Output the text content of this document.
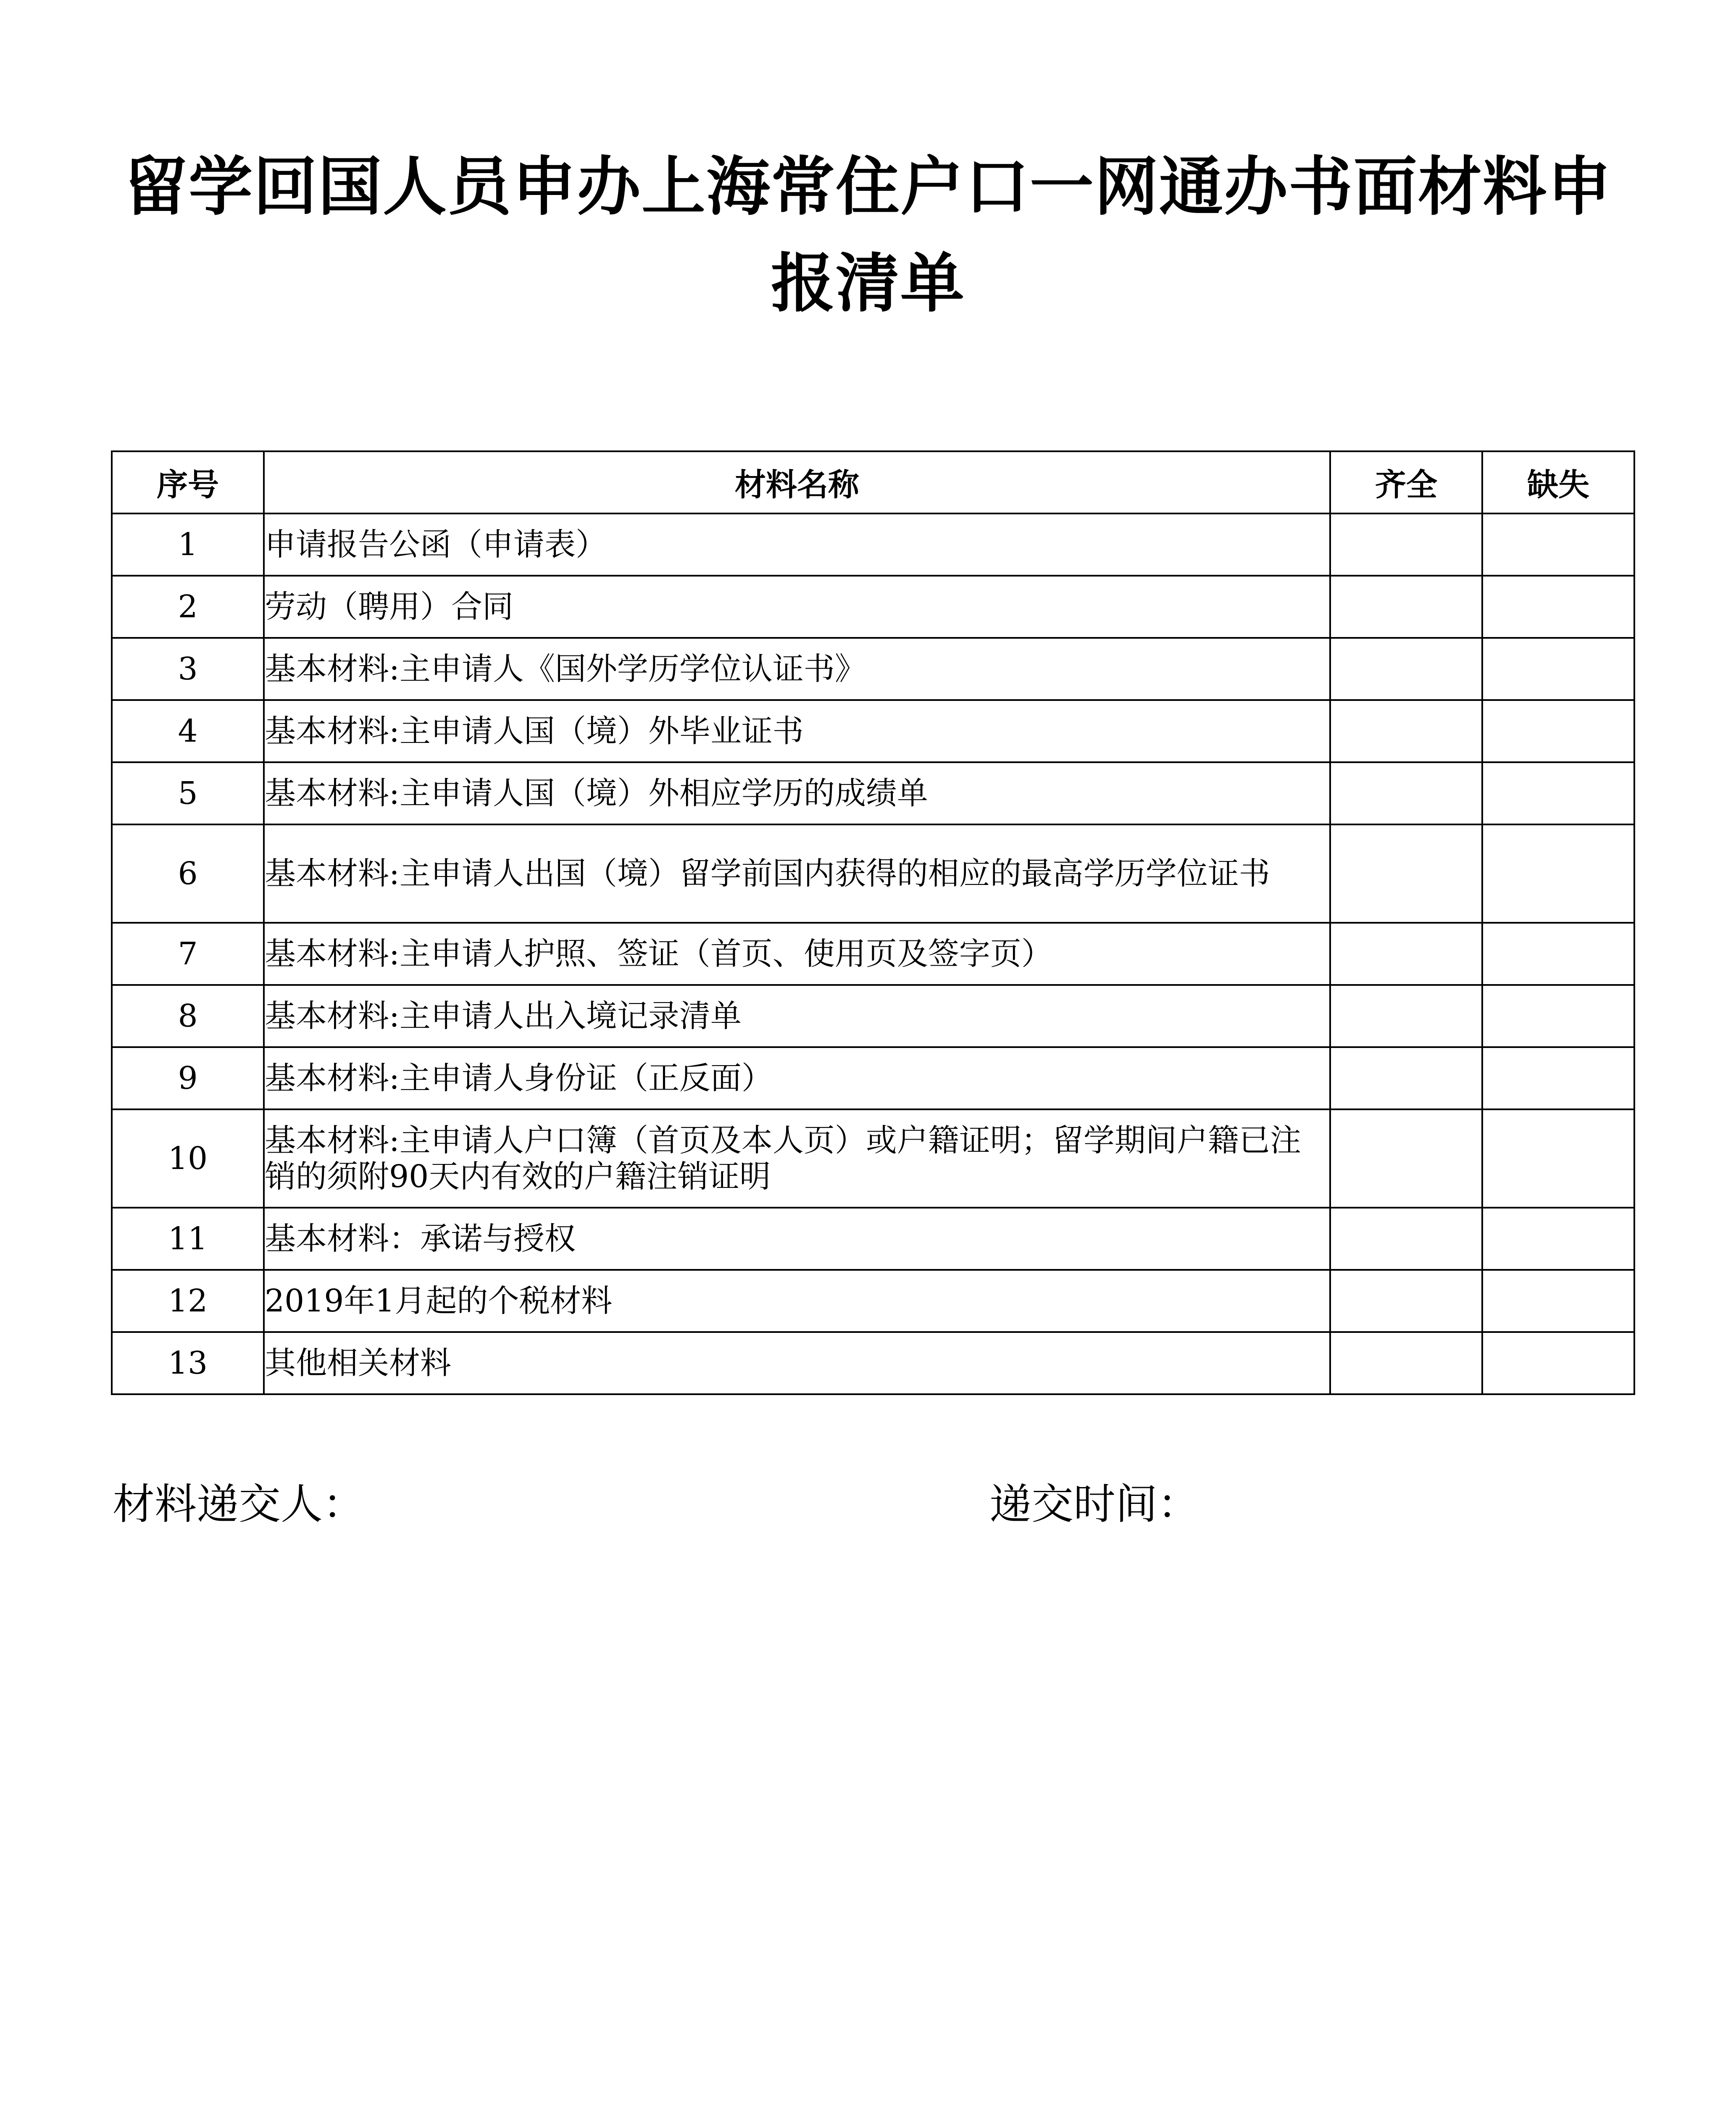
留学回国人员申办上海常住户口一网通办书面材料申
报清单
序号	材料名称	齐全	缺失
1	申请报告公函（申请表）		
2	劳动（聘用）合同		
3	基本材料:主申请人《国外学历学位认证书》		
4	基本材料:主申请人国（境）外毕业证书		
5	基本材料:主申请人国（境）外相应学历的成绩单		
6	基本材料:主申请人出国（境）留学前国内获得的相应的最高学历学位证书		
7	基本材料:主申请人护照、签证（首页、使用页及签字页）		
8	基本材料:主申请人出入境记录清单		
9	基本材料:主申请人身份证（正反面）		
10	基本材料:主申请人户口簿（首页及本人页）或户籍证明；留学期间户籍已注销的须附90天内有效的户籍注销证明		
11	基本材料：承诺与授权		
12	2019年1月起的个税材料		
13	其他相关材料		
材料递交人：	递交时间：
